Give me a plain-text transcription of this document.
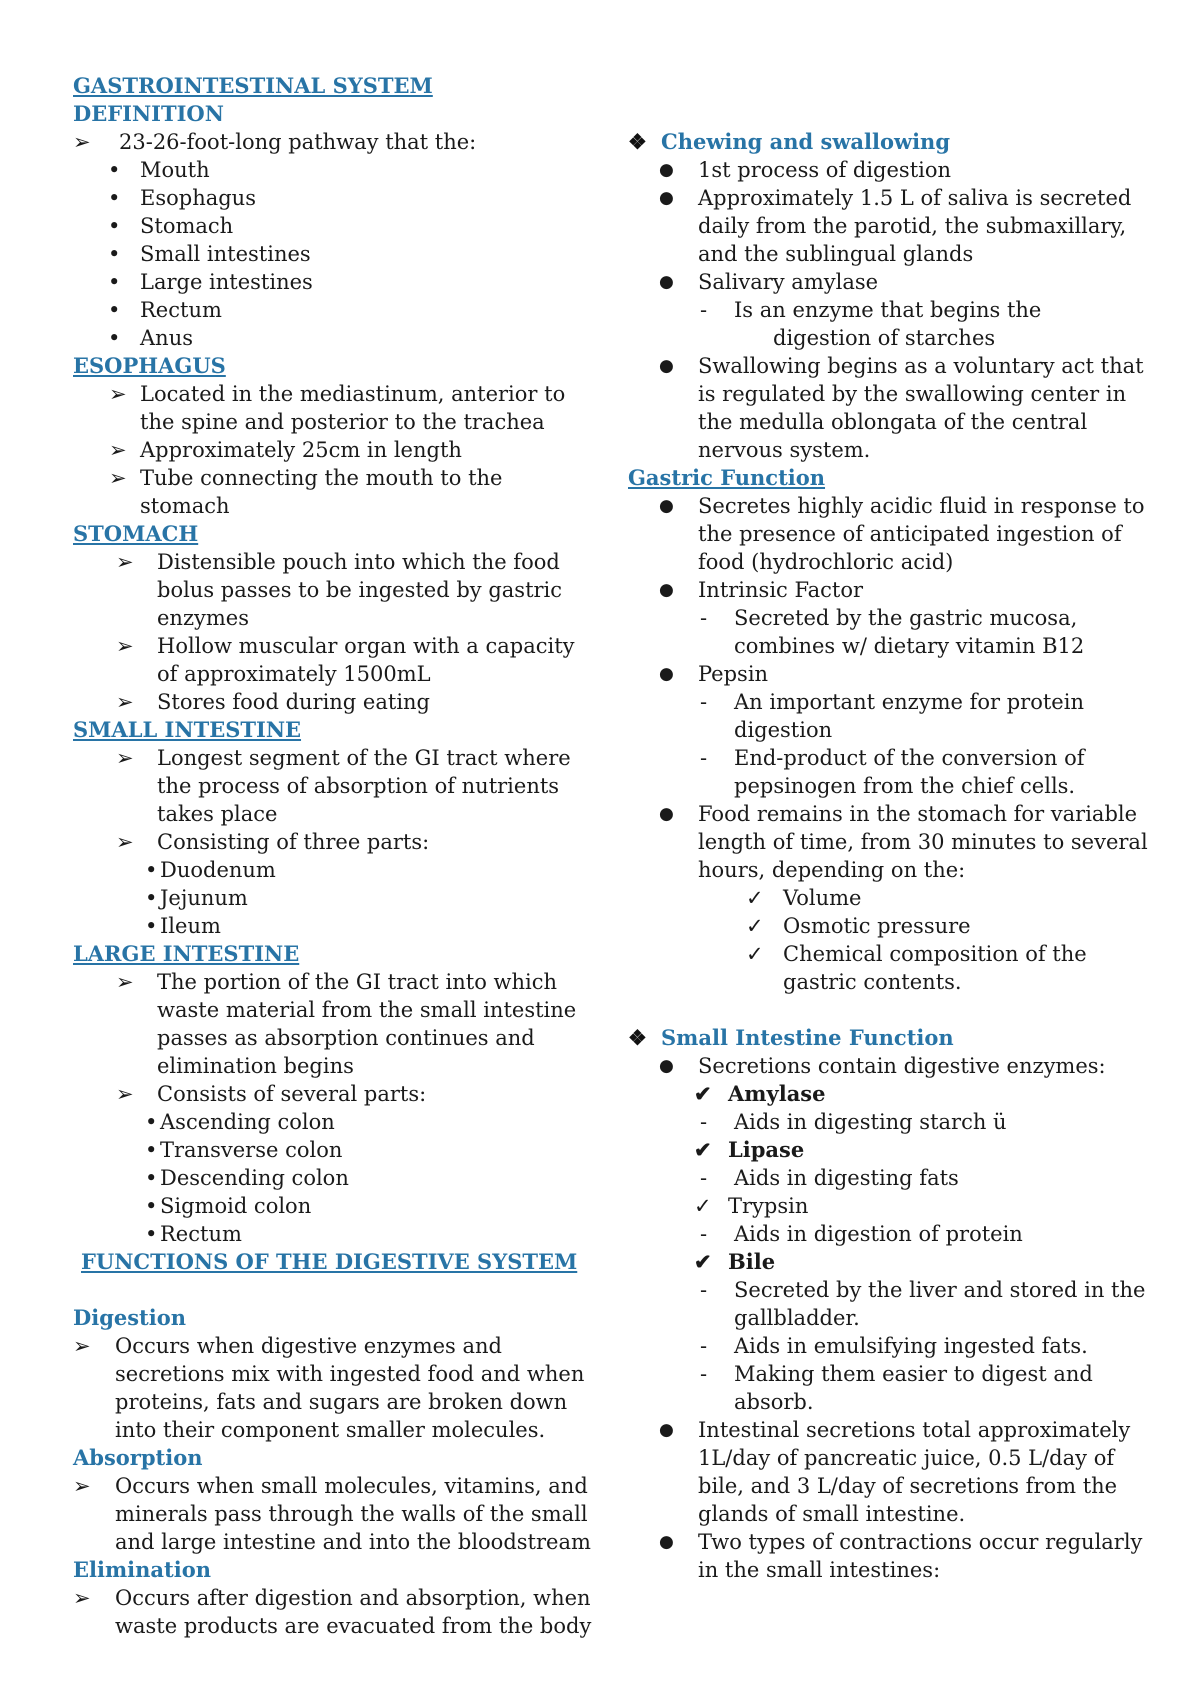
GASTROINTESTINAL SYSTEM
DEFINITION
➢ 23-26-foot-long pathway that the:
• Mouth
• Esophagus
• Stomach
• Small intestines
• Large intestines
• Rectum
• Anus
ESOPHAGUS
➢ Located in the mediastinum, anterior to the spine and posterior to the trachea
➢ Approximately 25cm in length
➢ Tube connecting the mouth to the stomach
STOMACH
➢ Distensible pouch into which the food bolus passes to be ingested by gastric enzymes
➢ Hollow muscular organ with a capacity of approximately 1500mL
➢ Stores food during eating
SMALL INTESTINE
➢ Longest segment of the GI tract where the process of absorption of nutrients takes place
➢ Consisting of three parts:
• Duodenum
• Jejunum
• Ileum
LARGE INTESTINE
➢ The portion of the GI tract into which waste material from the small intestine passes as absorption continues and elimination begins
➢ Consists of several parts:
• Ascending colon
• Transverse colon
• Descending colon
• Sigmoid colon
• Rectum
FUNCTIONS OF THE DIGESTIVE SYSTEM
Digestion
➢ Occurs when digestive enzymes and secretions mix with ingested food and when proteins, fats and sugars are broken down into their component smaller molecules.
Absorption
➢ Occurs when small molecules, vitamins, and minerals pass through the walls of the small and large intestine and into the bloodstream
Elimination
➢ Occurs after digestion and absorption, when waste products are evacuated from the body
❖ Chewing and swallowing
● 1st process of digestion
● Approximately 1.5 L of saliva is secreted daily from the parotid, the submaxillary, and the sublingual glands
● Salivary amylase
- Is an enzyme that begins the
digestion of starches
● Swallowing begins as a voluntary act that is regulated by the swallowing center in the medulla oblongata of the central nervous system.
Gastric Function
● Secretes highly acidic fluid in response to the presence of anticipated ingestion of food (hydrochloric acid)
● Intrinsic Factor
- Secreted by the gastric mucosa, combines w/ dietary vitamin B12
● Pepsin
- An important enzyme for protein digestion
- End-product of the conversion of pepsinogen from the chief cells.
● Food remains in the stomach for variable length of time, from 30 minutes to several hours, depending on the:
✓ Volume
✓ Osmotic pressure
✓ Chemical composition of the gastric contents.
❖ Small Intestine Function
● Secretions contain digestive enzymes:
✔ Amylase
- Aids in digesting starch ü
✔ Lipase
- Aids in digesting fats
✓ Trypsin
- Aids in digestion of protein
✔ Bile
- Secreted by the liver and stored in the gallbladder.
- Aids in emulsifying ingested fats.
- Making them easier to digest and absorb.
● Intestinal secretions total approximately 1L/day of pancreatic juice, 0.5 L/day of bile, and 3 L/day of secretions from the glands of small intestine.
● Two types of contractions occur regularly in the small intestines:
